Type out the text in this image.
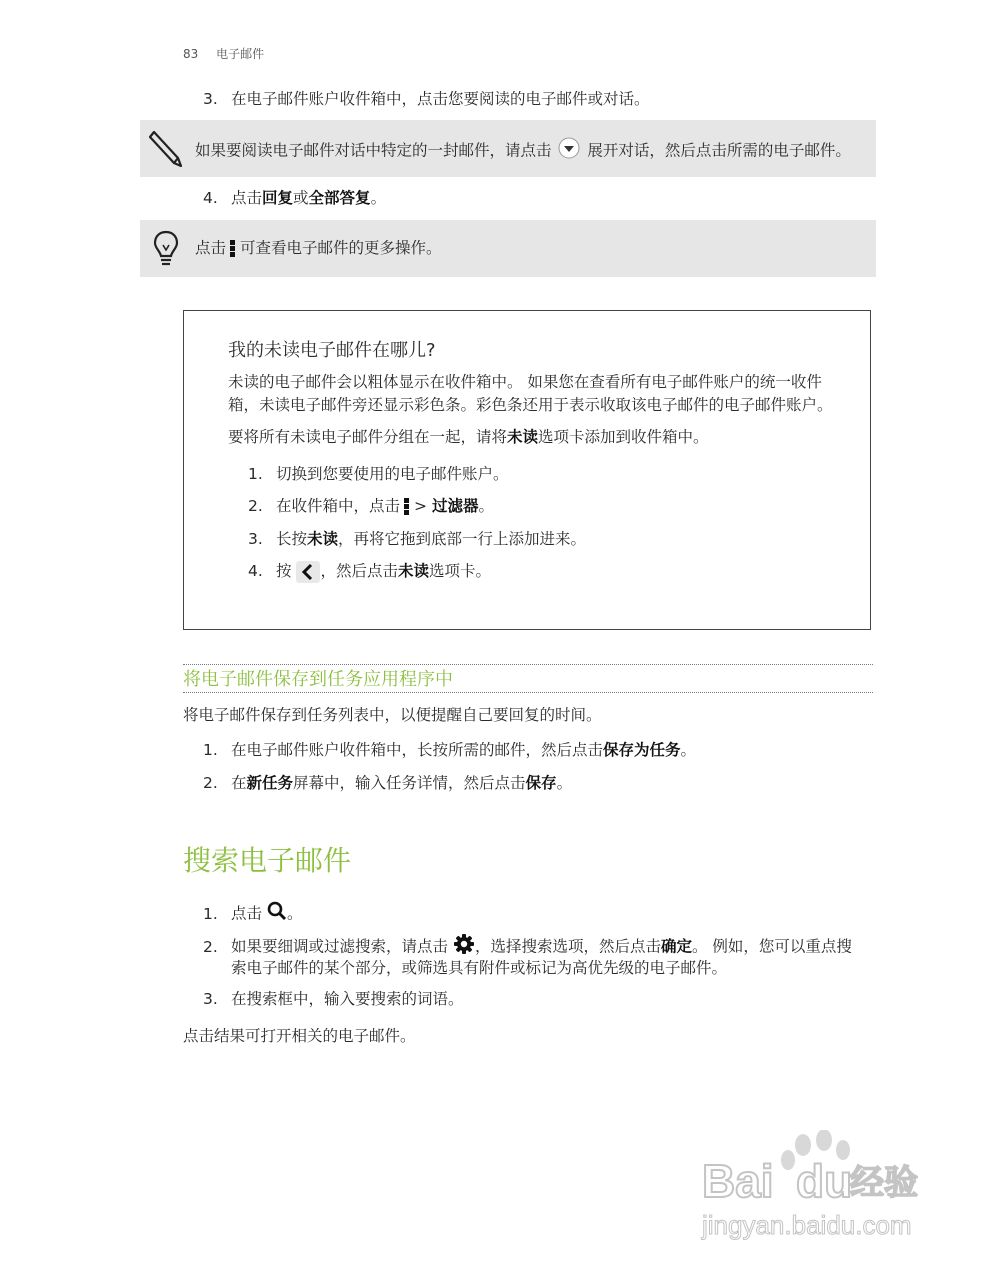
83 电子邮件
3. 在电子邮件账户收件箱中，点击您要阅读的电子邮件或对话。
如果要阅读电子邮件对话中特定的一封邮件，请点击 展开对话，然后点击所需的电子邮件。
4. 点击回复或全部答复。
点击 可查看电子邮件的更多操作。
我的未读电子邮件在哪儿?
未读的电子邮件会以粗体显示在收件箱中。 如果您在查看所有电子邮件账户的统一收件
箱，未读电子邮件旁还显示彩色条。彩色条还用于表示收取该电子邮件的电子邮件账户。
要将所有未读电子邮件分组在一起，请将未读选项卡添加到收件箱中。
1. 切换到您要使用的电子邮件账户。
2. 在收件箱中，点击 > 过滤器。
3. 长按未读，再将它拖到底部一行上添加进来。
4. 按 ，然后点击未读选项卡。
将电子邮件保存到任务应用程序中
将电子邮件保存到任务列表中，以便提醒自己要回复的时间。
1. 在电子邮件账户收件箱中，长按所需的邮件，然后点击保存为任务。
2. 在新任务屏幕中，输入任务详情，然后点击保存。
搜索电子邮件
1. 点击 。
2. 如果要细调或过滤搜索，请点击 ，选择搜索选项，然后点击确定。 例如，您可以重点搜
索电子邮件的某个部分，或筛选具有附件或标记为高优先级的电子邮件。
3. 在搜索框中，输入要搜索的词语。
点击结果可打开相关的电子邮件。
Bai du
经验
jingyan.baidu.com
